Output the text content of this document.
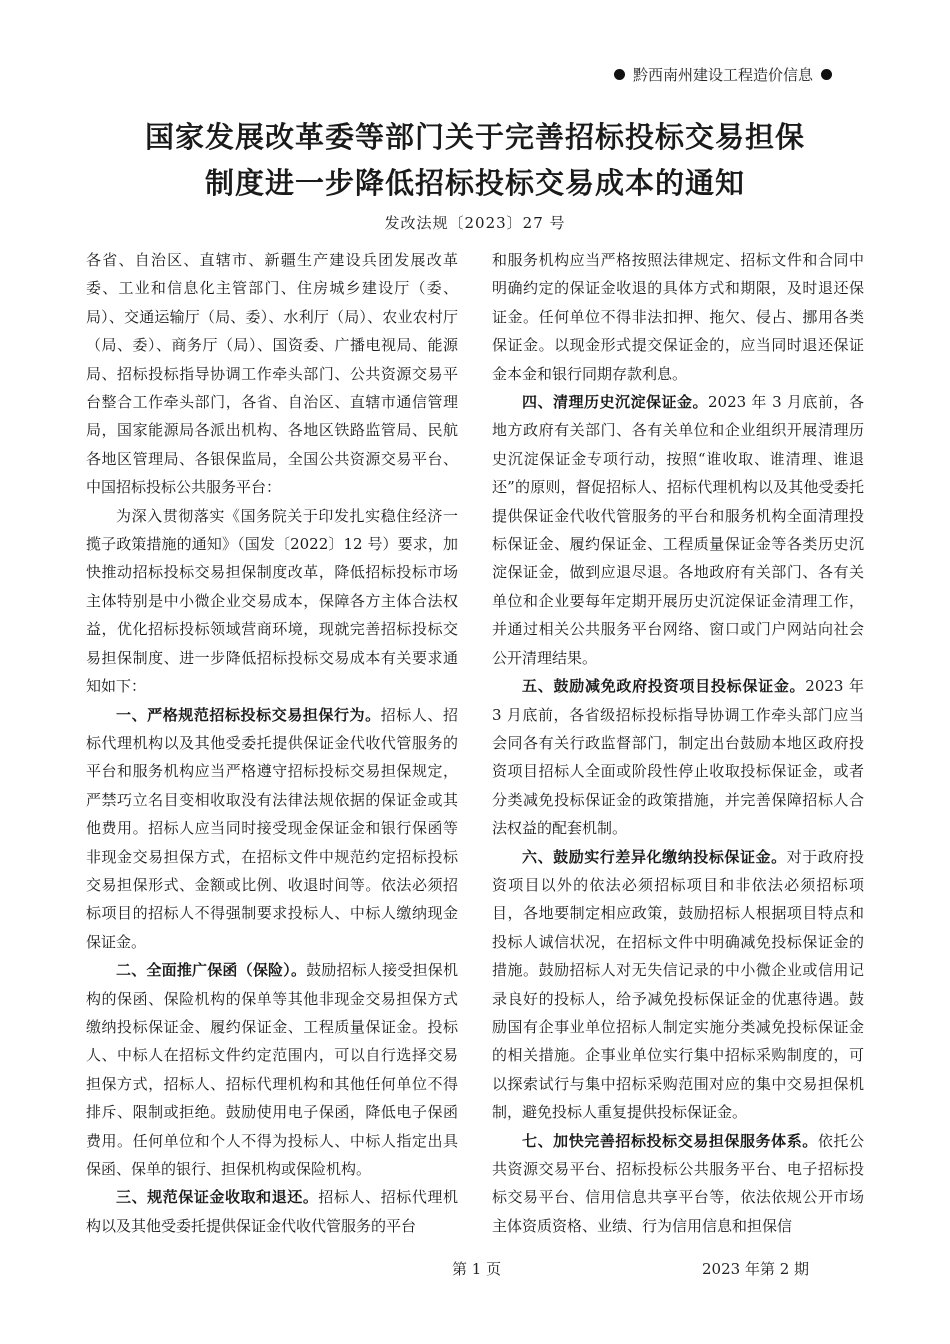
黔西南州建设工程造价信息
国家发展改革委等部门关于完善招标投标交易担保
制度进一步降低招标投标交易成本的通知
发改法规〔2023〕27 号

各省、自治区、直辖市、新疆生产建设兵团发展改革委、工业和信息化主管部门、住房城乡建设厅（委、局）、交通运输厅（局、委）、水利厅（局）、农业农村厅（局、委）、商务厅（局）、国资委、广播电视局、能源局、招标投标指导协调工作牵头部门、公共资源交易平台整合工作牵头部门，各省、自治区、直辖市通信管理局，国家能源局各派出机构、各地区铁路监管局、民航各地区管理局、各银保监局，全国公共资源交易平台、中国招标投标公共服务平台：

为深入贯彻落实《国务院关于印发扎实稳住经济一揽子政策措施的通知》（国发〔2022〕12 号）要求，加快推动招标投标交易担保制度改革，降低招标投标市场主体特别是中小微企业交易成本，保障各方主体合法权益，优化招标投标领域营商环境，现就完善招标投标交易担保制度、进一步降低招标投标交易成本有关要求通知如下：

一、严格规范招标投标交易担保行为。招标人、招标代理机构以及其他受委托提供保证金代收代管服务的平台和服务机构应当严格遵守招标投标交易担保规定，严禁巧立名目变相收取没有法律法规依据的保证金或其他费用。招标人应当同时接受现金保证金和银行保函等非现金交易担保方式，在招标文件中规范约定招标投标交易担保形式、金额或比例、收退时间等。依法必须招标项目的招标人不得强制要求投标人、中标人缴纳现金保证金。

二、全面推广保函（保险）。鼓励招标人接受担保机构的保函、保险机构的保单等其他非现金交易担保方式缴纳投标保证金、履约保证金、工程质量保证金。投标人、中标人在招标文件约定范围内，可以自行选择交易担保方式，招标人、招标代理机构和其他任何单位不得排斥、限制或拒绝。鼓励使用电子保函，降低电子保函费用。任何单位和个人不得为投标人、中标人指定出具保函、保单的银行、担保机构或保险机构。

三、规范保证金收取和退还。招标人、招标代理机构以及其他受委托提供保证金代收代管服务的平台

和服务机构应当严格按照法律规定、招标文件和合同中明确约定的保证金收退的具体方式和期限，及时退还保证金。任何单位不得非法扣押、拖欠、侵占、挪用各类保证金。以现金形式提交保证金的，应当同时退还保证金本金和银行同期存款利息。

四、清理历史沉淀保证金。2023 年 3 月底前，各地方政府有关部门、各有关单位和企业组织开展清理历史沉淀保证金专项行动，按照“谁收取、谁清理、谁退还”的原则，督促招标人、招标代理机构以及其他受委托提供保证金代收代管服务的平台和服务机构全面清理投标保证金、履约保证金、工程质量保证金等各类历史沉淀保证金，做到应退尽退。各地政府有关部门、各有关单位和企业要每年定期开展历史沉淀保证金清理工作，并通过相关公共服务平台网络、窗口或门户网站向社会公开清理结果。

五、鼓励减免政府投资项目投标保证金。2023 年 3 月底前，各省级招标投标指导协调工作牵头部门应当会同各有关行政监督部门，制定出台鼓励本地区政府投资项目招标人全面或阶段性停止收取投标保证金，或者分类减免投标保证金的政策措施，并完善保障招标人合法权益的配套机制。

六、鼓励实行差异化缴纳投标保证金。对于政府投资项目以外的依法必须招标项目和非依法必须招标项目，各地要制定相应政策，鼓励招标人根据项目特点和投标人诚信状况，在招标文件中明确减免投标保证金的措施。鼓励招标人对无失信记录的中小微企业或信用记录良好的投标人，给予减免投标保证金的优惠待遇。鼓励国有企事业单位招标人制定实施分类减免投标保证金的相关措施。企事业单位实行集中招标采购制度的，可以探索试行与集中招标采购范围对应的集中交易担保机制，避免投标人重复提供投标保证金。

七、加快完善招标投标交易担保服务体系。依托公共资源交易平台、招标投标公共服务平台、电子招标投标交易平台、信用信息共享平台等，依法依规公开市场主体资质资格、业绩、行为信用信息和担保信

第 1 页	2023 年第 2 期
